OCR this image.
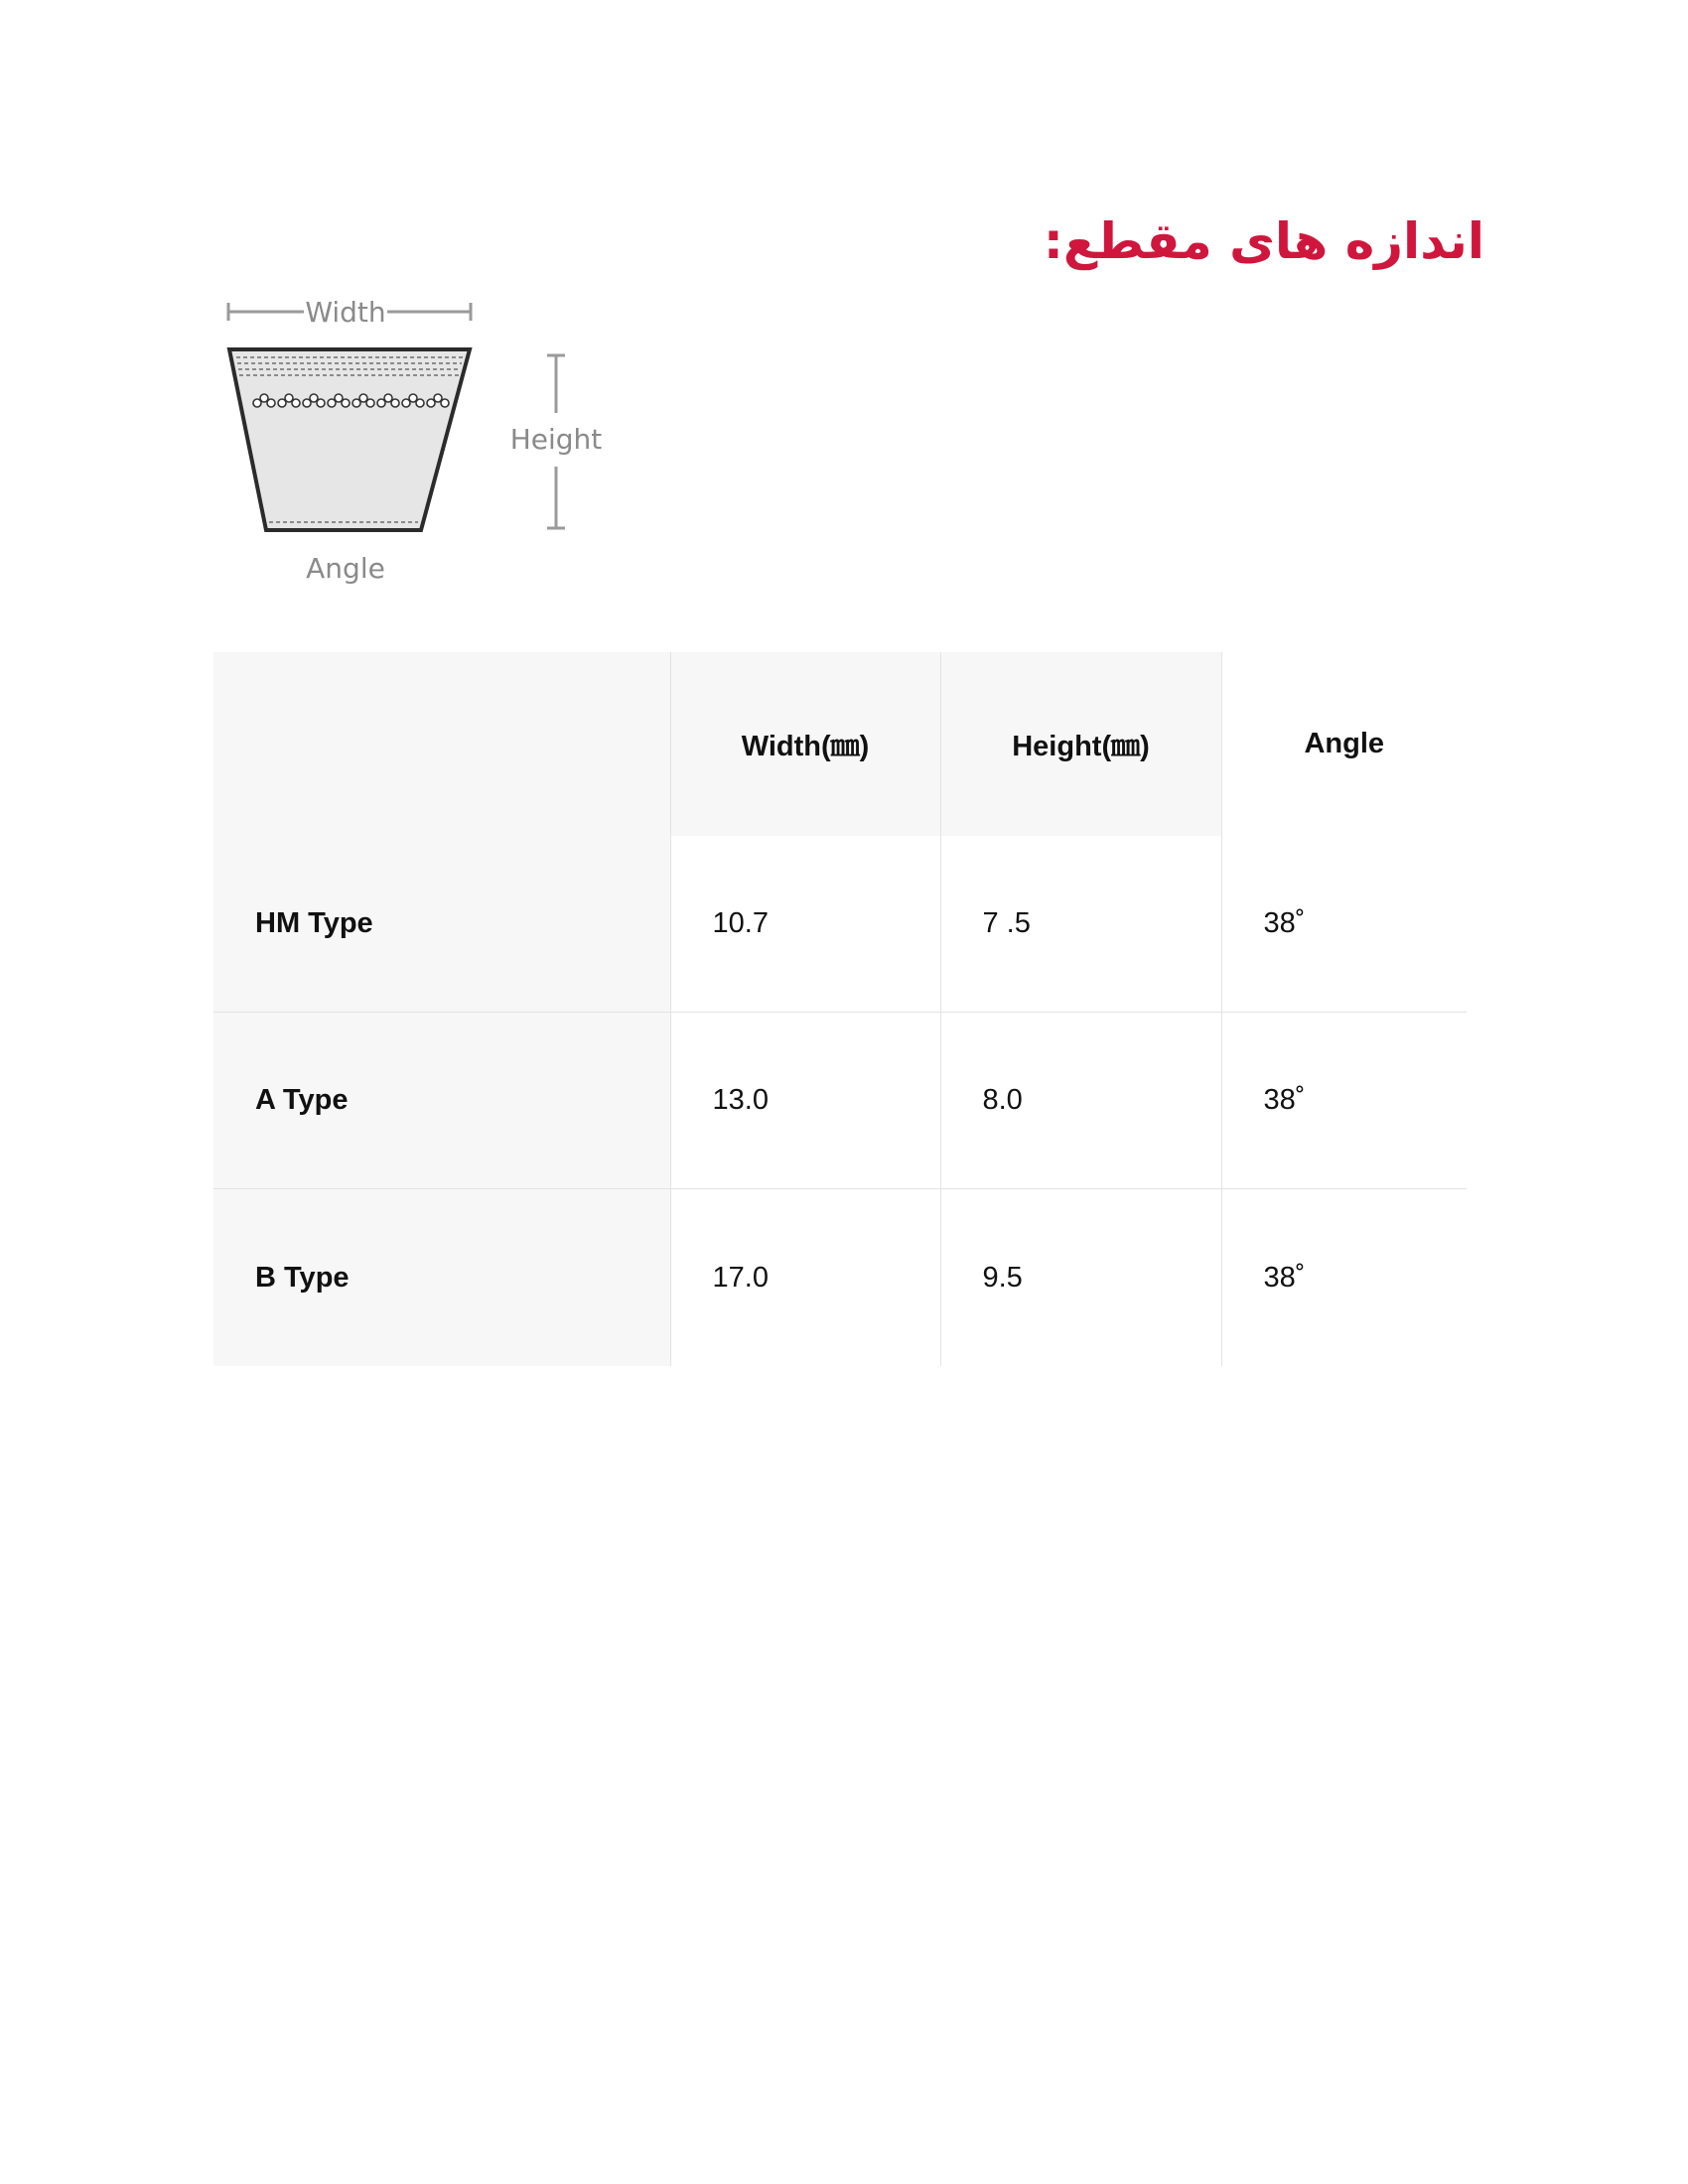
اندازه های مقطع:
Width
Height
Angle
	Width(㎜)	Height(㎜)	Angle
HM Type	10.7	7 .5	38˚
A Type	13.0	8.0	38˚
B Type	17.0	9.5	38˚
